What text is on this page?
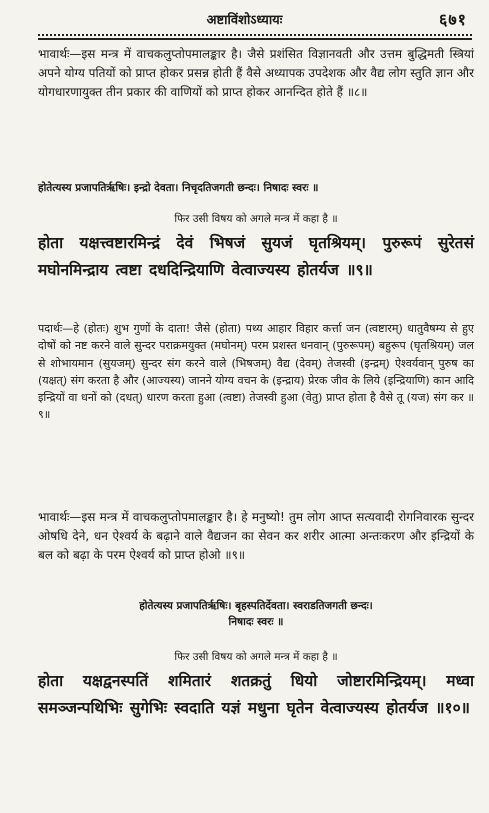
अष्टाविंशोऽध्यायः	६७१

भावार्थः—इस मन्त्र में वाचकलुप्तोपमालङ्कार है। जैसे प्रशंसित विज्ञानवती और उत्तम बुद्धिमती स्त्रियां अपने योग्य पतियों को प्राप्त होकर प्रसन्न होती हैं वैसे अध्यापक उपदेशक और वैद्य लोग स्तुति ज्ञान और योगधारणायुक्त तीन प्रकार की वाणियों को प्राप्त होकर आनन्दित होते हैं ॥८॥

होतेत्यस्य प्रजापतिर्ऋषिः। इन्द्रो देवता। निचृदतिजगती छन्दः। निषादः स्वरः ॥

फिर उसी विषय को अगले मन्त्र में कहा है ॥

होता यक्षत्त्वष्टारमिन्द्रं देवं भिषजं सुयजं घृतश्रियम्। पुरुरूपं सुरेतसं मघोनमिन्द्राय त्वष्टा दधदिन्द्रियाणि वेत्वाज्यस्य होतर्यज ॥९॥

पदार्थः—हे (होतः) शुभ गुणों के दाता! जैसे (होता) पथ्य आहार विहार कर्त्ता जन (त्वष्टारम्) धातुवैषम्य से हुए दोषों को नष्ट करने वाले सुन्दर पराक्रमयुक्त (मघोनम्) परम प्रशस्त धनवान् (पुरुरूपम्) बहुरूप (घृतश्रियम्) जल से शोभायमान (सुयजम्) सुन्दर संग करने वाले (भिषजम्) वैद्य (देवम्) तेजस्वी (इन्द्रम्) ऐश्वर्यवान् पुरुष का (यक्षत्) संग करता है और (आज्यस्य) जानने योग्य वचन के (इन्द्राय) प्रेरक जीव के लिये (इन्द्रियाणि) कान आदि इन्द्रियों वा धनों को (दधत्) धारण करता हुआ (त्वष्टा) तेजस्वी हुआ (वेतु) प्राप्त होता है वैसे तू (यज) संग कर ॥९॥

भावार्थः—इस मन्त्र में वाचकलुप्तोपमालङ्कार है। हे मनुष्यो! तुम लोग आप्त सत्यवादी रोगनिवारक सुन्दर ओषधि देने, धन ऐश्वर्य के बढ़ाने वाले वैद्यजन का सेवन कर शरीर आत्मा अन्तःकरण और इन्द्रियों के बल को बढ़ा के परम ऐश्वर्य को प्राप्त होओ ॥९॥

होतेत्यस्य प्रजापतिर्ऋषिः। बृहस्पतिर्देवता। स्वराडतिजगती छन्दः।

निषादः स्वरः ॥

फिर उसी विषय को अगले मन्त्र में कहा है ॥

होता यक्षद्वनस्पतिं शमितारं शतक्रतुं धियो जोष्टारमिन्द्रियम्। मध्वा समञ्जन्पथिभिः सुगेभिः स्वदाति यज्ञं मधुना घृतेन वेत्वाज्यस्य होतर्यज ॥१०॥
